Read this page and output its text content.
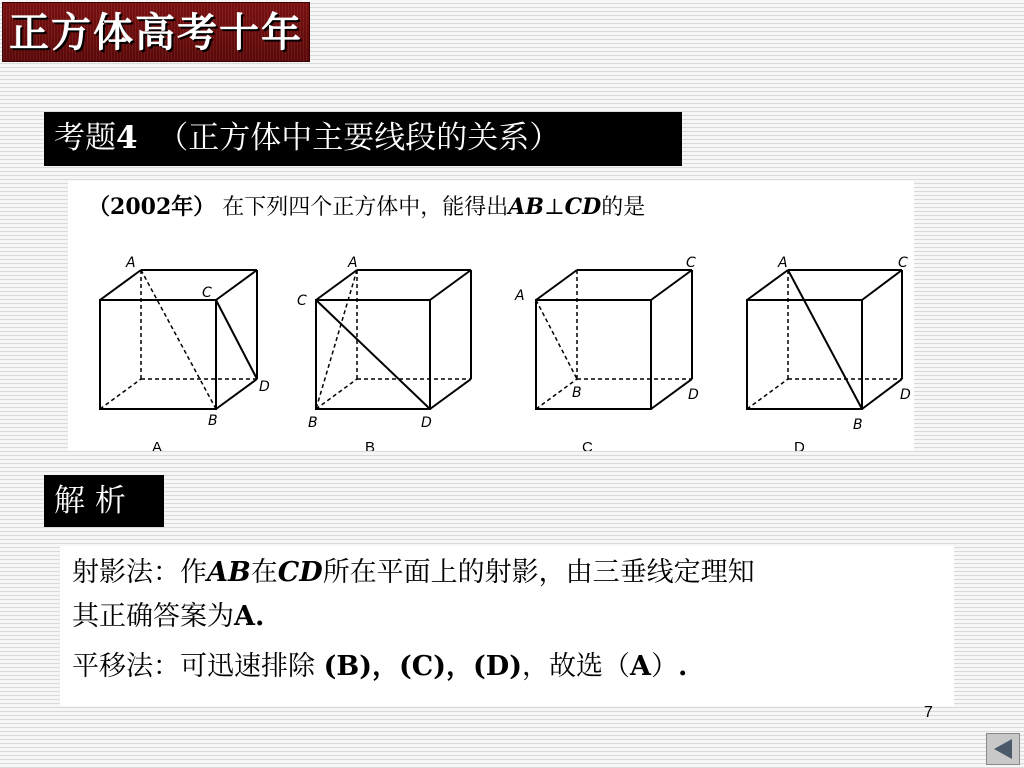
正方体高考十年
考题4 （正方体中主要线段的关系）
（2002年） 在下列四个正方体中，能得出AB⊥CD的是
A
C
D
B
A
A
C
B	D
B
C
A
B	D
C
A	C
D
B
D
解 析
射影法：作AB在CD所在平面上的射影，由三垂线定理知
其正确答案为A.
平移法：可迅速排除 (B)，(C)，(D)，故选（A）.
7
